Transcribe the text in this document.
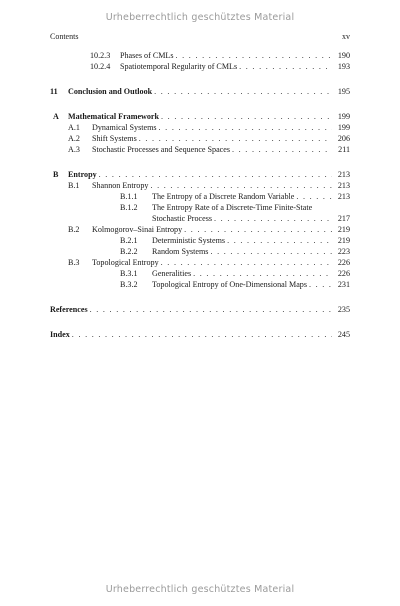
Urheberrechtlich geschütztes Material
Contents	xv
10.2.3 Phases of CMLs . . .	190
10.2.4 Spatiotemporal Regularity of CMLs . . .	193
11 Conclusion and Outlook . . .	195
A Mathematical Framework . . .	199
A.1 Dynamical Systems . . .	199
A.2 Shift Systems . . .	206
A.3 Stochastic Processes and Sequence Spaces . . .	211
B Entropy . . .	213
B.1 Shannon Entropy . . .	213
B.1.1 The Entropy of a Discrete Random Variable . . .	213
B.1.2 The Entropy Rate of a Discrete-Time Finite-State
Stochastic Process . . .	217
B.2 Kolmogorov–Sinai Entropy . . .	219
B.2.1 Deterministic Systems . . .	219
B.2.2 Random Systems . . .	223
B.3 Topological Entropy . . .	226
B.3.1 Generalities . . .	226
B.3.2 Topological Entropy of One-Dimensional Maps . . .	231
References . . .	235
Index . . .	245
Urheberrechtlich geschütztes Material
